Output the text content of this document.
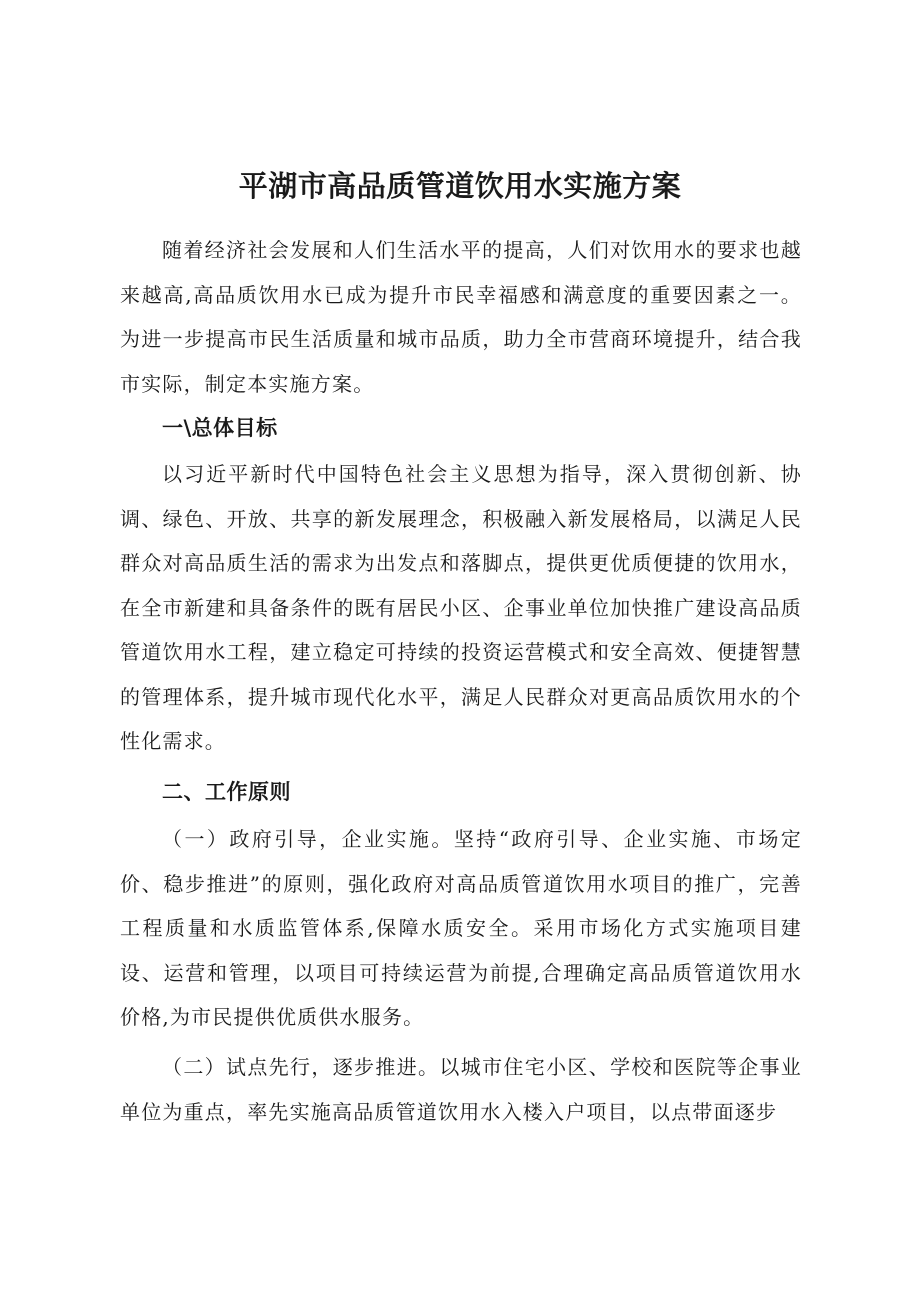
平湖市高品质管道饮用水实施方案

随着经济社会发展和人们生活水平的提高，人们对饮用水的要求也越来越高,高品质饮用水已成为提升市民幸福感和满意度的重要因素之一。为进一步提高市民生活质量和城市品质，助力全市营商环境提升，结合我市实际，制定本实施方案。

一\总体目标

以习近平新时代中国特色社会主义思想为指导，深入贯彻创新、协调、绿色、开放、共享的新发展理念，积极融入新发展格局，以满足人民群众对高品质生活的需求为出发点和落脚点，提供更优质便捷的饮用水，在全市新建和具备条件的既有居民小区、企事业单位加快推广建设高品质管道饮用水工程，建立稳定可持续的投资运营模式和安全高效、便捷智慧的管理体系，提升城市现代化水平，满足人民群众对更高品质饮用水的个性化需求。

二、工作原则

（一）政府引导，企业实施。坚持“政府引导、企业实施、市场定价、稳步推进”的原则，强化政府对高品质管道饮用水项目的推广，完善工程质量和水质监管体系,保障水质安全。采用市场化方式实施项目建设、运营和管理，以项目可持续运营为前提,合理确定高品质管道饮用水价格,为市民提供优质供水服务。

（二）试点先行，逐步推进。以城市住宅小区、学校和医院等企事业单位为重点，率先实施高品质管道饮用水入楼入户项目，以点带面逐步
